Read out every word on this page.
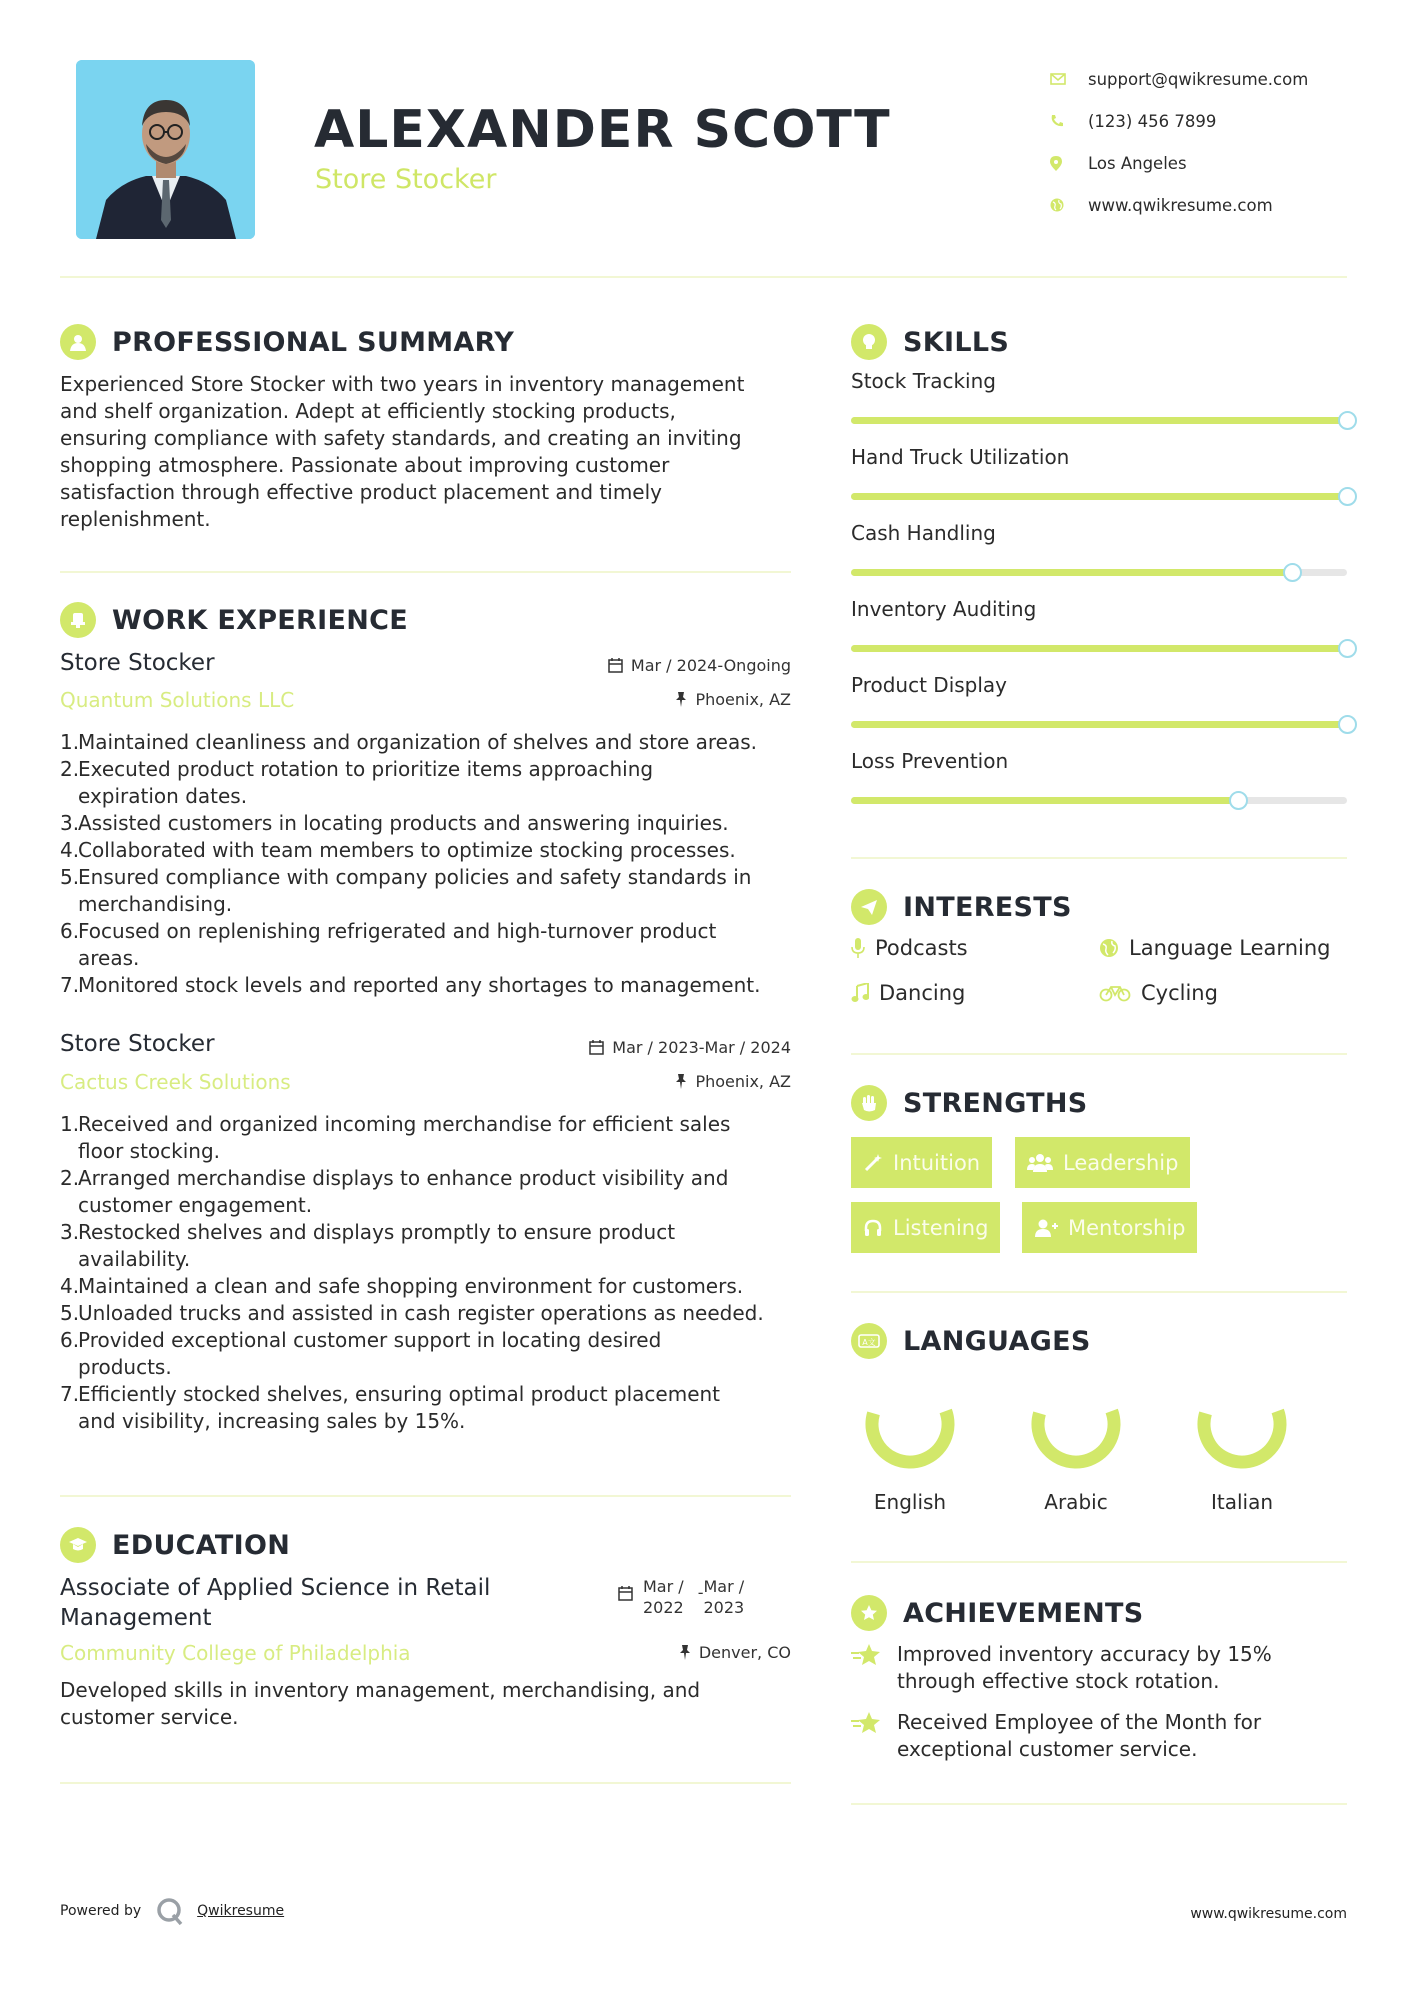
ALEXANDER SCOTT
Store Stocker
support@qwikresume.com
(123) 456 7899
Los Angeles
www.qwikresume.com
PROFESSIONAL SUMMARY
Experienced Store Stocker with two years in inventory management
and shelf organization. Adept at efficiently stocking products,
ensuring compliance with safety standards, and creating an inviting
shopping atmosphere. Passionate about improving customer
satisfaction through effective product placement and timely
replenishment.
WORK EXPERIENCE
Store Stocker	Mar / 2024-Ongoing
Quantum Solutions LLC	Phoenix, AZ
1.
Maintained cleanliness and organization of shelves and store areas.
2.
Executed product rotation to prioritize items approaching
expiration dates.
3.
Assisted customers in locating products and answering inquiries.
4.
Collaborated with team members to optimize stocking processes.
5.
Ensured compliance with company policies and safety standards in
merchandising.
6.
Focused on replenishing refrigerated and high-turnover product
areas.
7.
Monitored stock levels and reported any shortages to management.
Store Stocker	Mar / 2023-Mar / 2024
Cactus Creek Solutions	Phoenix, AZ
1.
Received and organized incoming merchandise for efficient sales
floor stocking.
2.
Arranged merchandise displays to enhance product visibility and
customer engagement.
3.
Restocked shelves and displays promptly to ensure product
availability.
4.
Maintained a clean and safe shopping environment for customers.
5.
Unloaded trucks and assisted in cash register operations as needed.
6.
Provided exceptional customer support in locating desired
products.
7.
Efficiently stocked shelves, ensuring optimal product placement
and visibility, increasing sales by 15%.
EDUCATION
Associate of Applied Science in Retail
Management
Mar /
2022
- Mar /
2023
Community College of Philadelphia	Denver, CO
Developed skills in inventory management, merchandising, and
customer service.
SKILLS
Stock Tracking
Hand Truck Utilization
Cash Handling
Inventory Auditing
Product Display
Loss Prevention
INTERESTS
Podcasts	Language Learning
Dancing	Cycling
STRENGTHS
Intuition	Leadership
Listening	Mentorship
A文 LANGUAGES
English	Arabic	Italian
ACHIEVEMENTS
Improved inventory accuracy by 15%
through effective stock rotation.
Received Employee of the Month for
exceptional customer service.
Powered by	Qwikresume	www.qwikresume.com
